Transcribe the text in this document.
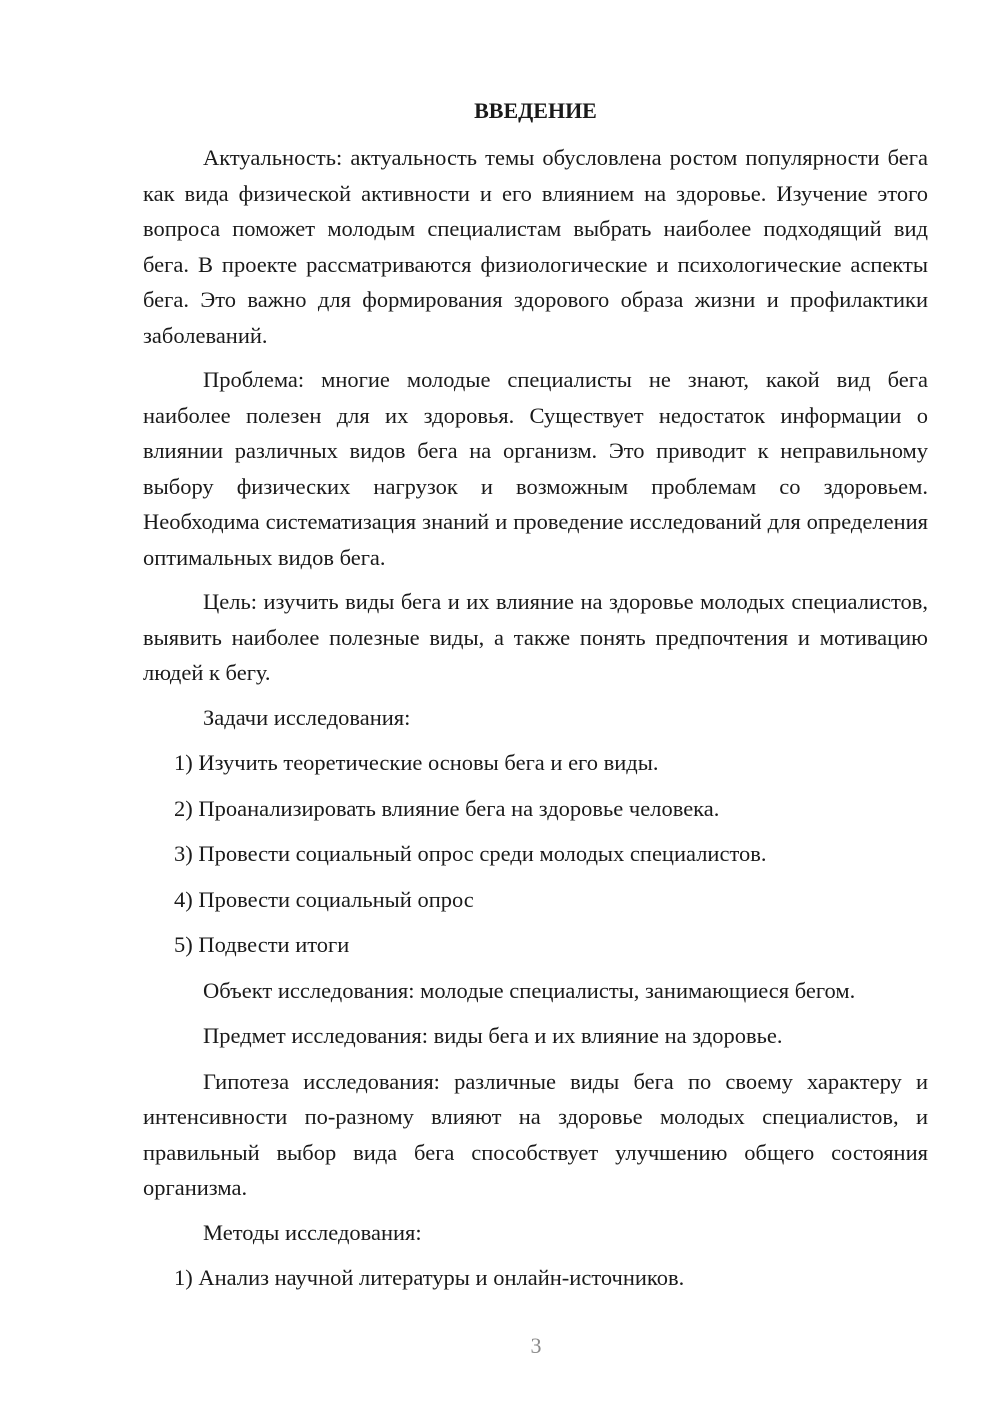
ВВЕДЕНИЕ

Актуальность: актуальность темы обусловлена ростом популярности бега как вида физической активности и его влиянием на здоровье. Изучение этого вопроса поможет молодым специалистам выбрать наиболее подходящий вид бега. В проекте рассматриваются физиологические и психологические аспекты бега. Это важно для формирования здорового образа жизни и профилактики заболеваний.

Проблема: многие молодые специалисты не знают, какой вид бега наиболее полезен для их здоровья. Существует недостаток информации о влиянии различных видов бега на организм. Это приводит к неправильному выбору физических нагрузок и возможным проблемам со здоровьем. Необходима систематизация знаний и проведение исследований для определения оптимальных видов бега.

Цель: изучить виды бега и их влияние на здоровье молодых специалистов, выявить наиболее полезные виды, а также понять предпочтения и мотивацию людей к бегу.

Задачи исследования:
1) Изучить теоретические основы бега и его виды.
2) Проанализировать влияние бега на здоровье человека.
3) Провести социальный опрос среди молодых специалистов.
4) Провести социальный опрос
5) Подвести итоги
Объект исследования: молодые специалисты, занимающиеся бегом.
Предмет исследования: виды бега и их влияние на здоровье.

Гипотеза исследования: различные виды бега по своему характеру и интенсивности по-разному влияют на здоровье молодых специалистов, и правильный выбор вида бега способствует улучшению общего состояния организма.

Методы исследования:
1) Анализ научной литературы и онлайн-источников.
3
